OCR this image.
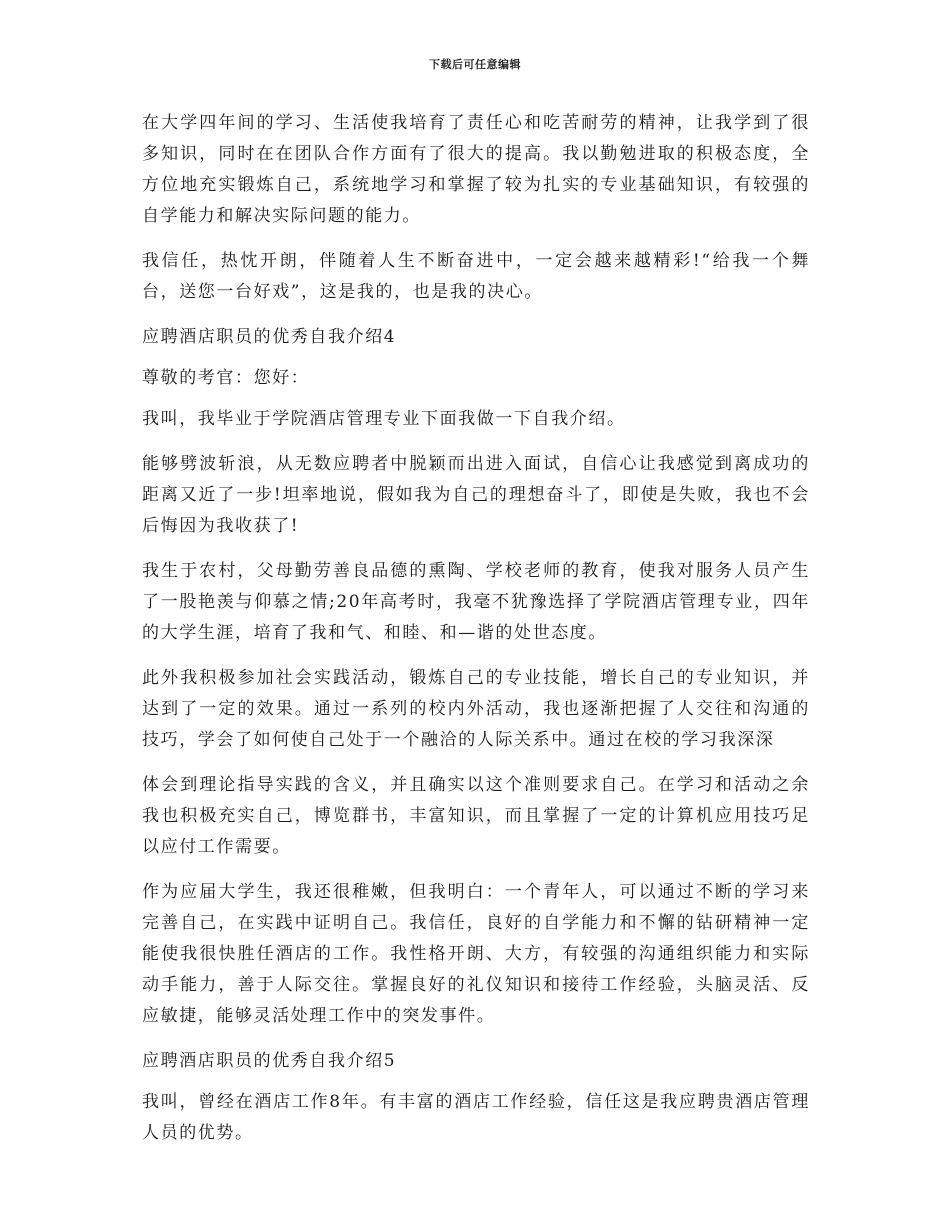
下载后可任意编辑

在大学四年间的学习、生活使我培育了责任心和吃苦耐劳的精神，让我学到了很多知识，同时在在团队合作方面有了很大的提高。我以勤勉进取的积极态度，全方位地充实锻炼自己，系统地学习和掌握了较为扎实的专业基础知识，有较强的自学能力和解决实际问题的能力。

我信任，热忱开朗，伴随着人生不断奋进中，一定会越来越精彩!“给我一个舞台，送您一台好戏”，这是我的，也是我的决心。

应聘酒店职员的优秀自我介绍4

尊敬的考官：您好：

我叫，我毕业于学院酒店管理专业下面我做一下自我介绍。

能够劈波斩浪，从无数应聘者中脱颖而出进入面试，自信心让我感觉到离成功的距离又近了一步!坦率地说，假如我为自己的理想奋斗了，即使是失败，我也不会后悔因为我收获了!

我生于农村，父母勤劳善良品德的熏陶、学校老师的教育，使我对服务人员产生了一股艳羡与仰慕之情;20年高考时，我毫不犹豫选择了学院酒店管理专业，四年的大学生涯，培育了我和气、和睦、和—谐的处世态度。

此外我积极参加社会实践活动，锻炼自己的专业技能，增长自己的专业知识，并达到了一定的效果。通过一系列的校内外活动，我也逐渐把握了人交往和沟通的技巧，学会了如何使自己处于一个融洽的人际关系中。通过在校的学习我深深

体会到理论指导实践的含义，并且确实以这个准则要求自己。在学习和活动之余我也积极充实自己，博览群书，丰富知识，而且掌握了一定的计算机应用技巧足以应付工作需要。

作为应届大学生，我还很稚嫩，但我明白：一个青年人，可以通过不断的学习来完善自己，在实践中证明自己。我信任，良好的自学能力和不懈的钻研精神一定能使我很快胜任酒店的工作。我性格开朗、大方，有较强的沟通组织能力和实际动手能力，善于人际交往。掌握良好的礼仪知识和接待工作经验，头脑灵活、反应敏捷，能够灵活处理工作中的突发事件。

应聘酒店职员的优秀自我介绍5

我叫，曾经在酒店工作8年。有丰富的酒店工作经验，信任这是我应聘贵酒店管理人员的优势。
